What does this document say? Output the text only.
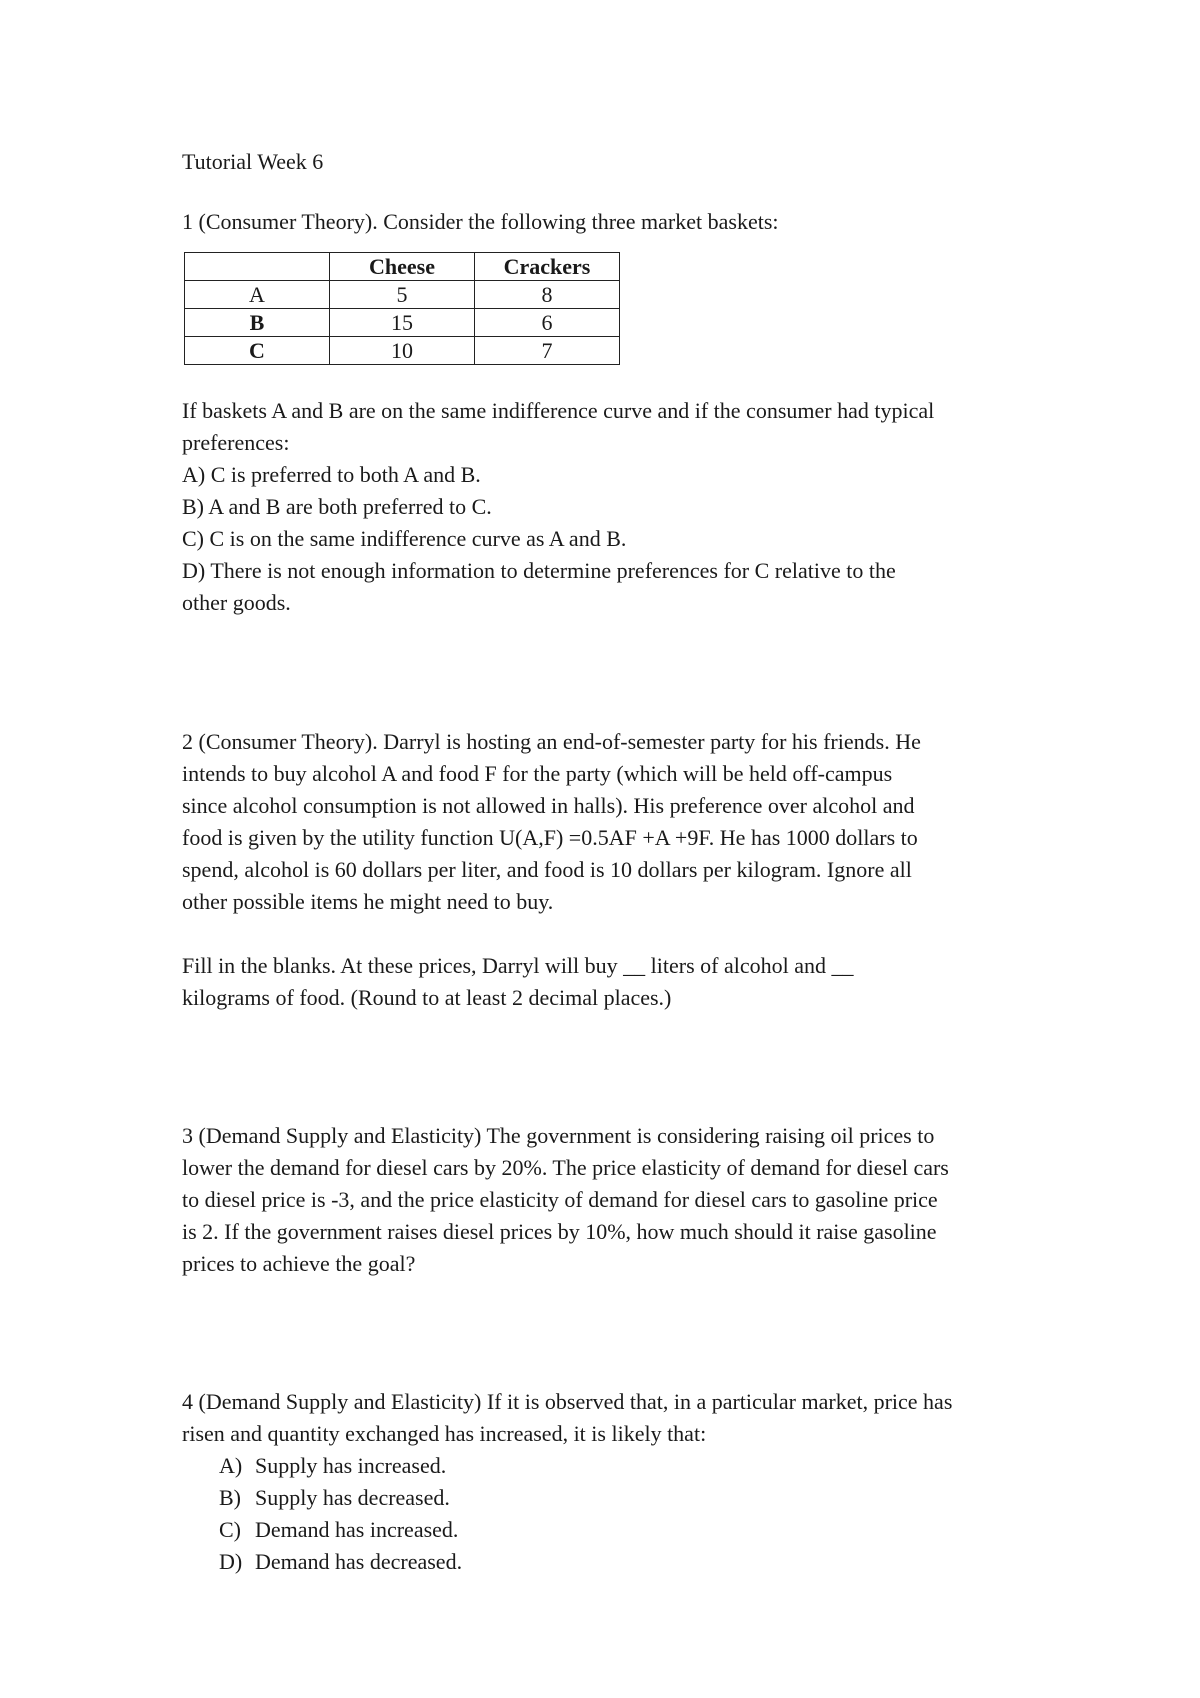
Tutorial Week 6

1 (Consumer Theory). Consider the following three market baskets:

	Cheese	Crackers
A	5	8
B	15	6
C	10	7

If baskets A and B are on the same indifference curve and if the consumer had typical

preferences:

A) C is preferred to both A and B.

B) A and B are both preferred to C.

C) C is on the same indifference curve as A and B.

D) There is not enough information to determine preferences for C relative to the

other goods.

2 (Consumer Theory). Darryl is hosting an end-of-semester party for his friends. He

intends to buy alcohol A and food F for the party (which will be held off-campus

since alcohol consumption is not allowed in halls). His preference over alcohol and

food is given by the utility function U(A,F) =0.5AF +A +9F. He has 1000 dollars to

spend, alcohol is 60 dollars per liter, and food is 10 dollars per kilogram. Ignore all

other possible items he might need to buy.

Fill in the blanks. At these prices, Darryl will buy __ liters of alcohol and __

kilograms of food. (Round to at least 2 decimal places.)

3 (Demand Supply and Elasticity) The government is considering raising oil prices to

lower the demand for diesel cars by 20%. The price elasticity of demand for diesel cars

to diesel price is -3, and the price elasticity of demand for diesel cars to gasoline price

is 2. If the government raises diesel prices by 10%, how much should it raise gasoline

prices to achieve the goal?

4 (Demand Supply and Elasticity) If it is observed that, in a particular market, price has

risen and quantity exchanged has increased, it is likely that:

A) Supply has increased.
B) Supply has decreased.
C) Demand has increased.
D) Demand has decreased.
